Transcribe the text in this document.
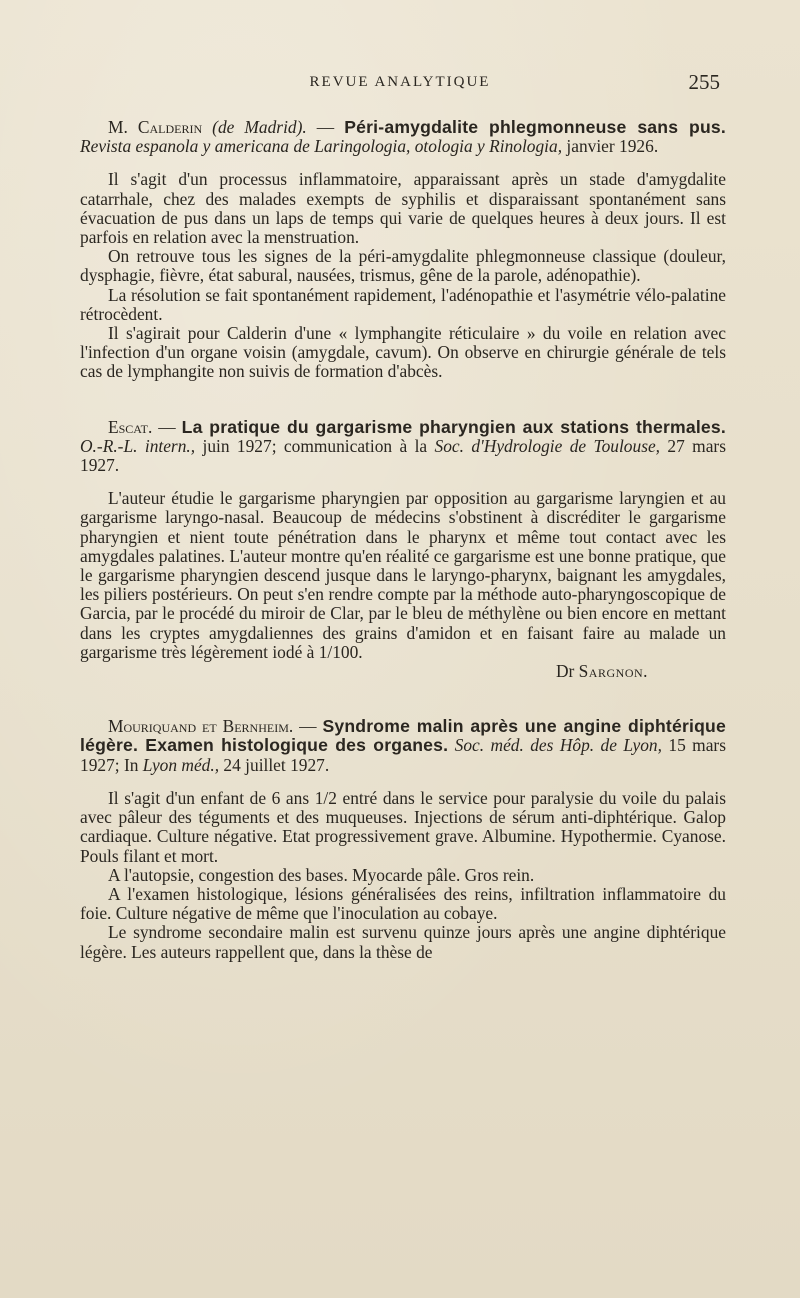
REVUE ANALYTIQUE	255

M. Calderin (de Madrid). — Péri-amygdalite phlegmonneuse sans pus. Revista espanola y americana de Laringologia, otologia y Rinologia, janvier 1926.

Il s'agit d'un processus inflammatoire, apparaissant après un stade d'amygdalite catarrhale, chez des malades exempts de syphilis et disparaissant spontanément sans évacuation de pus dans un laps de temps qui varie de quelques heures à deux jours. Il est parfois en relation avec la menstruation.

On retrouve tous les signes de la péri-amygdalite phlegmonneuse classique (douleur, dysphagie, fièvre, état sabural, nausées, trismus, gêne de la parole, adénopathie).

La résolution se fait spontanément rapidement, l'adénopathie et l'asymétrie vélo-palatine rétrocèdent.

Il s'agirait pour Calderin d'une « lymphangite réticulaire » du voile en relation avec l'infection d'un organe voisin (amygdale, cavum). On observe en chirurgie générale de tels cas de lymphangite non suivis de formation d'abcès.

Escat. — La pratique du gargarisme pharyngien aux stations thermales. O.-R.-L. intern., juin 1927; communication à la Soc. d'Hydrologie de Toulouse, 27 mars 1927.

L'auteur étudie le gargarisme pharyngien par opposition au gargarisme laryngien et au gargarisme laryngo-nasal. Beaucoup de médecins s'obstinent à discréditer le gargarisme pharyngien et nient toute pénétration dans le pharynx et même tout contact avec les amygdales palatines. L'auteur montre qu'en réalité ce gargarisme est une bonne pratique, que le gargarisme pharyngien descend jusque dans le laryngo-pharynx, baignant les amygdales, les piliers postérieurs. On peut s'en rendre compte par la méthode auto-pharyngoscopique de Garcia, par le procédé du miroir de Clar, par le bleu de méthylène ou bien encore en mettant dans les cryptes amygdaliennes des grains d'amidon et en faisant faire au malade un gargarisme très légèrement iodé à 1/100.

Dr Sargnon.

Mouriquand et Bernheim. — Syndrome malin après une angine diphtérique légère. Examen histologique des organes. Soc. méd. des Hôp. de Lyon, 15 mars 1927; In Lyon méd., 24 juillet 1927.

Il s'agit d'un enfant de 6 ans 1/2 entré dans le service pour paralysie du voile du palais avec pâleur des téguments et des muqueuses. Injections de sérum anti-diphtérique. Galop cardiaque. Culture négative. Etat progressivement grave. Albumine. Hypothermie. Cyanose. Pouls filant et mort.

A l'autopsie, congestion des bases. Myocarde pâle. Gros rein.

A l'examen histologique, lésions généralisées des reins, infiltration inflammatoire du foie. Culture négative de même que l'inoculation au cobaye.

Le syndrome secondaire malin est survenu quinze jours après une angine diphtérique légère. Les auteurs rappellent que, dans la thèse de
